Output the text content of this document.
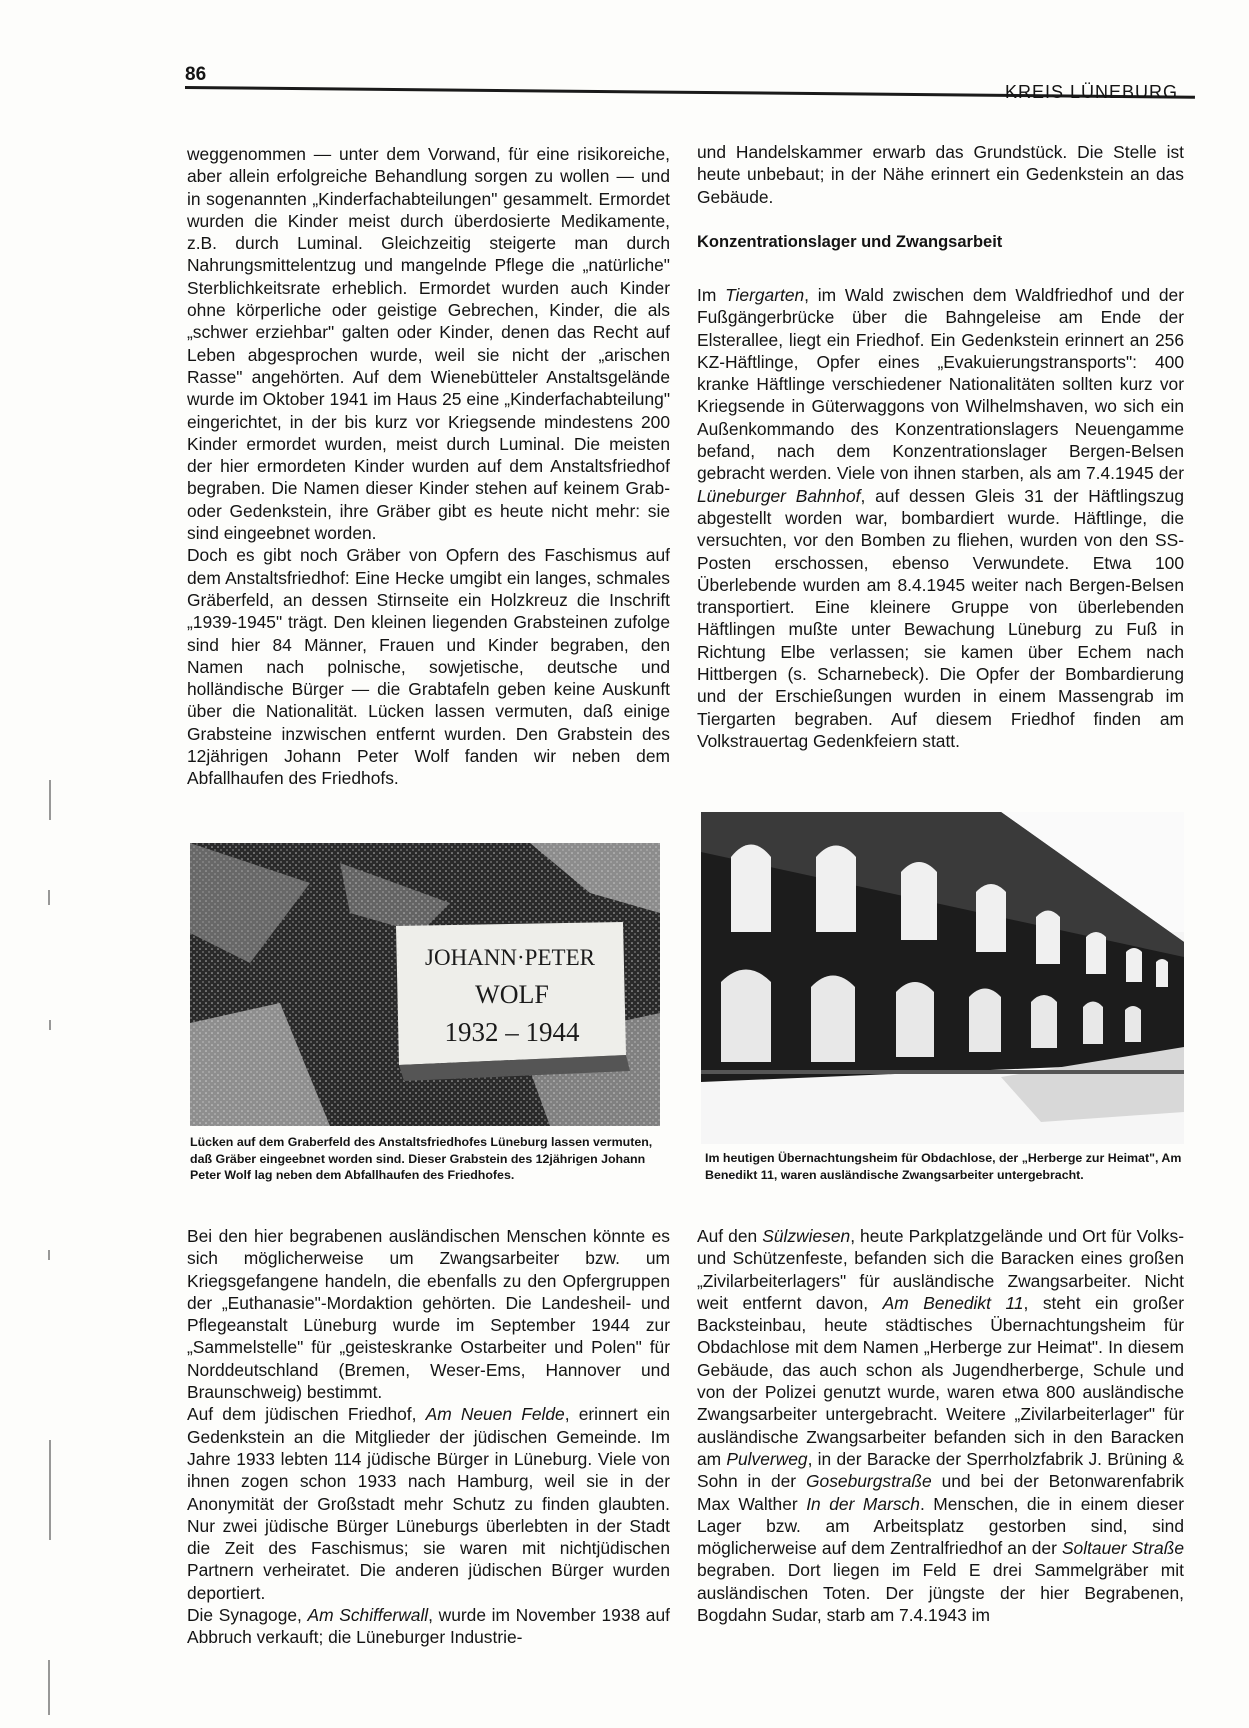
86
KREIS LÜNEBURG

weggenommen — unter dem Vorwand, für eine risikoreiche, aber allein erfolgreiche Behandlung sorgen zu wollen — und in sogenannten „Kinderfachabteilungen" gesammelt. Ermordet wurden die Kinder meist durch überdosierte Medikamente, z.B. durch Luminal. Gleichzeitig steigerte man durch Nahrungsmittelentzug und mangelnde Pflege die „natürliche" Sterblichkeitsrate erheblich. Ermordet wurden auch Kinder ohne körperliche oder geistige Gebrechen, Kinder, die als „schwer erziehbar" galten oder Kinder, denen das Recht auf Leben abgesprochen wurde, weil sie nicht der „arischen Rasse" angehörten. Auf dem Wienebütteler Anstaltsgelände wurde im Oktober 1941 im Haus 25 eine „Kinderfachabteilung" eingerichtet, in der bis kurz vor Kriegsende mindestens 200 Kinder ermordet wurden, meist durch Luminal. Die meisten der hier ermordeten Kinder wurden auf dem Anstaltsfriedhof begraben. Die Namen dieser Kinder stehen auf keinem Grab- oder Gedenkstein, ihre Gräber gibt es heute nicht mehr: sie sind eingeebnet worden.

Doch es gibt noch Gräber von Opfern des Faschismus auf dem Anstaltsfriedhof: Eine Hecke umgibt ein langes, schmales Gräberfeld, an dessen Stirnseite ein Holzkreuz die Inschrift „1939-1945" trägt. Den kleinen liegenden Grabsteinen zufolge sind hier 84 Männer, Frauen und Kinder begraben, den Namen nach polnische, sowjetische, deutsche und holländische Bürger — die Grabtafeln geben keine Auskunft über die Nationalität. Lücken lassen vermuten, daß einige Grabsteine inzwischen entfernt wurden. Den Grabstein des 12jährigen Johann Peter Wolf fanden wir neben dem Abfallhaufen des Friedhofs.

JOHANN·PETER
WOLF
1932 – 1944
Lücken auf dem Graberfeld des Anstaltsfriedhofes Lüneburg lassen vermuten, daß Gräber eingeebnet worden sind. Dieser Grabstein des 12jährigen Johann Peter Wolf lag neben dem Abfallhaufen des Friedhofes.

Bei den hier begrabenen ausländischen Menschen könnte es sich möglicherweise um Zwangsarbeiter bzw. um Kriegsgefangene handeln, die ebenfalls zu den Opfergruppen der „Euthanasie"-Mordaktion gehörten. Die Landesheil- und Pflegeanstalt Lüneburg wurde im September 1944 zur „Sammelstelle" für „geisteskranke Ostarbeiter und Polen" für Norddeutschland (Bremen, Weser-Ems, Hannover und Braunschweig) bestimmt.

Auf dem jüdischen Friedhof, Am Neuen Felde, erinnert ein Gedenkstein an die Mitglieder der jüdischen Gemeinde. Im Jahre 1933 lebten 114 jüdische Bürger in Lüneburg. Viele von ihnen zogen schon 1933 nach Hamburg, weil sie in der Anonymität der Großstadt mehr Schutz zu finden glaubten. Nur zwei jüdische Bürger Lüneburgs überlebten in der Stadt die Zeit des Faschismus; sie waren mit nichtjüdischen Partnern verheiratet. Die anderen jüdischen Bürger wurden deportiert.

Die Synagoge, Am Schifferwall, wurde im November 1938 auf Abbruch verkauft; die Lüneburger Industrie-

und Handelskammer erwarb das Grundstück. Die Stelle ist heute unbebaut; in der Nähe erinnert ein Gedenkstein an das Gebäude.

Konzentrationslager und Zwangsarbeit

Im Tiergarten, im Wald zwischen dem Waldfriedhof und der Fußgängerbrücke über die Bahngeleise am Ende der Elsterallee, liegt ein Friedhof. Ein Gedenkstein erinnert an 256 KZ-Häftlinge, Opfer eines „Evakuierungstransports": 400 kranke Häftlinge verschiedener Nationalitäten sollten kurz vor Kriegsende in Güterwaggons von Wilhelmshaven, wo sich ein Außenkommando des Konzentrationslagers Neuengamme befand, nach dem Konzentrationslager Bergen-Belsen gebracht werden. Viele von ihnen starben, als am 7.4.1945 der Lüneburger Bahnhof, auf dessen Gleis 31 der Häftlingszug abgestellt worden war, bombardiert wurde. Häftlinge, die versuchten, vor den Bomben zu fliehen, wurden von den SS-Posten erschossen, ebenso Verwundete. Etwa 100 Überlebende wurden am 8.4.1945 weiter nach Bergen-Belsen transportiert. Eine kleinere Gruppe von überlebenden Häftlingen mußte unter Bewachung Lüneburg zu Fuß in Richtung Elbe verlassen; sie kamen über Echem nach Hittbergen (s. Scharnebeck). Die Opfer der Bombardierung und der Erschießungen wurden in einem Massengrab im Tiergarten begraben. Auf diesem Friedhof finden am Volkstrauertag Gedenkfeiern statt.

Im heutigen Übernachtungsheim für Obdachlose, der „Herberge zur Heimat", Am Benedikt 11, waren ausländische Zwangsarbeiter untergebracht.

Auf den Sülzwiesen, heute Parkplatzgelände und Ort für Volks- und Schützenfeste, befanden sich die Baracken eines großen „Zivilarbeiterlagers" für ausländische Zwangsarbeiter. Nicht weit entfernt davon, Am Benedikt 11, steht ein großer Backsteinbau, heute städtisches Übernachtungsheim für Obdachlose mit dem Namen „Herberge zur Heimat". In diesem Gebäude, das auch schon als Jugendherberge, Schule und von der Polizei genutzt wurde, waren etwa 800 ausländische Zwangsarbeiter untergebracht. Weitere „Zivilarbeiterlager" für ausländische Zwangsarbeiter befanden sich in den Baracken am Pulverweg, in der Baracke der Sperrholzfabrik J. Brüning & Sohn in der Goseburgstraße und bei der Betonwarenfabrik Max Walther In der Marsch. Menschen, die in einem dieser Lager bzw. am Arbeitsplatz gestorben sind, sind möglicherweise auf dem Zentralfriedhof an der Soltauer Straße begraben. Dort liegen im Feld E drei Sammelgräber mit ausländischen Toten. Der jüngste der hier Begrabenen, Bogdahn Sudar, starb am 7.4.1943 im
